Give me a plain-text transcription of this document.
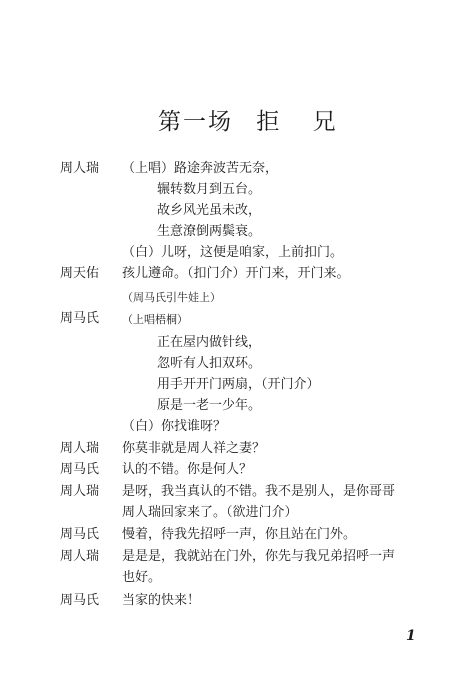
第一场 拒 兄
周人瑞 （上唱）路途奔波苦无奈，
辗转数月到五台。
故乡风光虽未改，
生意潦倒两鬓衰。
（白）儿呀，这便是咱家，上前扣门。
周天佑 孩儿遵命。（扣门介）开门来，开门来。
（周马氏引牛娃上）
周马氏 （上唱梧桐）
正在屋内做针线，
忽听有人扣双环。
用手开开门两扇，（开门介）
原是一老一少年。
（白）你找谁呀？
周人瑞 你莫非就是周人祥之妻？
周马氏 认的不错。你是何人？
周人瑞 是呀，我当真认的不错。我不是别人，是你哥哥
周人瑞回家来了。（欲进门介）
周马氏 慢着，待我先招呼一声，你且站在门外。
周人瑞 是是是，我就站在门外，你先与我兄弟招呼一声
也好。
周马氏 当家的快来！
1
